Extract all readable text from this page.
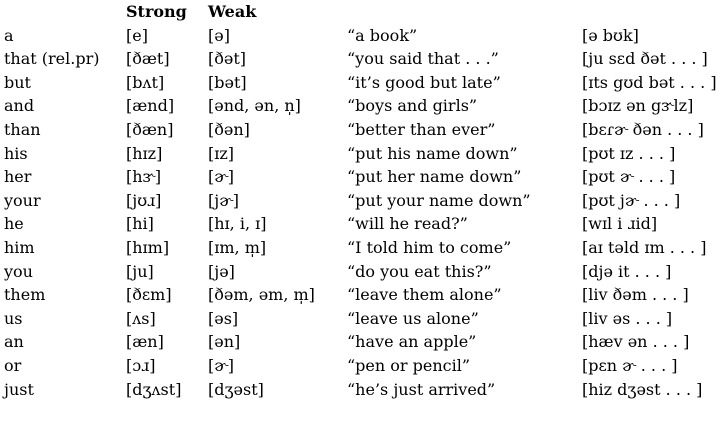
	Strong	Weak		
a	[e]	[ə]	“a book”	[ə bʊk]
that (rel.pr)	[ðæt]	[ðət]	“you said that . . .”	[ju sɛd ðət . . . ]
but	[bʌt]	[bət]	“it’s good but late”	[ɪts gʊd bət . . . ]
and	[ænd]	[ənd, ən, n̩]	“boys and girls”	[bɔɪz ən gɝlz]
than	[ðæn]	[ðən]	“better than ever”	[bɛɾɚ ðən . . . ]
his	[hɪz]	[ɪz]	“put his name down”	[pʊt ɪz . . . ]
her	[hɝ]	[ɚ]	“put her name down”	[pʊt ɚ . . . ]
your	[jʊɹ]	[jɚ]	“put your name down”	[pʊt jɚ . . . ]
he	[hi]	[hɪ, i, ɪ]	“will he read?”	[wɪl i ɹid]
him	[hɪm]	[ɪm, m̩]	“I told him to come”	[aɪ təld ɪm . . . ]
you	[ju]	[jə]	“do you eat this?”	[djə it . . . ]
them	[ðɛm]	[ðəm, əm, m̩]	“leave them alone”	[liv ðəm . . . ]
us	[ʌs]	[əs]	“leave us alone”	[liv əs . . . ]
an	[æn]	[ən]	“have an apple”	[hæv ən . . . ]
or	[ɔɹ]	[ɚ]	“pen or pencil”	[pɛn ɚ . . . ]
just	[dʒʌst]	[dʒəst]	“he’s just arrived”	[hiz dʒəst . . . ]
